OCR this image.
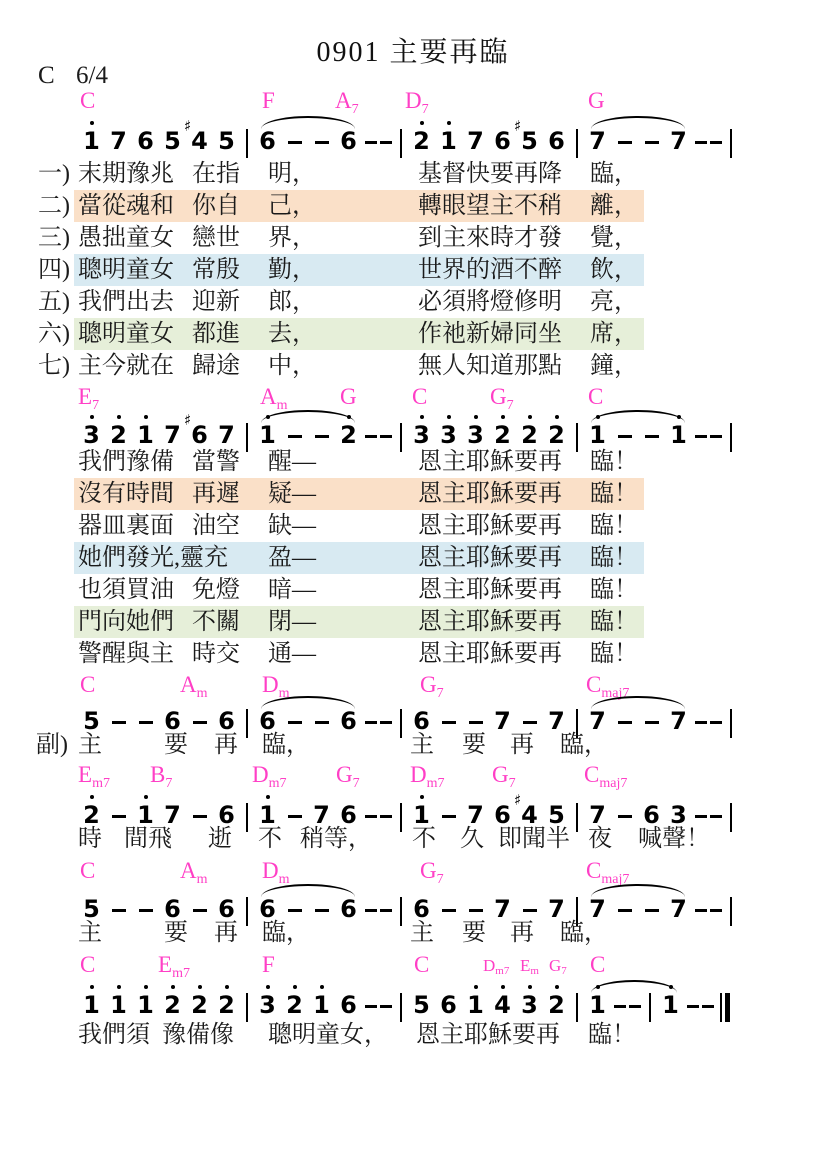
0901 主要再臨
C 6/4
C	F	$A_7$ $D_7$	G
1 7 6 5
♯
4 5 6	6 2 1 7 6
♯
5 6 7	7
一) 末期豫兆 在指 明，	基督快要再降 臨，
二) 當從魂和 你自 己，	轉眼望主不稍 離，
三) 愚拙童女 戀世 界，	到主來時才發 覺，
四) 聰明童女 常殷 勤，	世界的酒不醉 飲，
五) 我們出去 迎新 郎，	必須將燈修明 亮，
六) 聰明童女 都進 去，	作祂新婦同坐 席，
七) 主今就在 歸途 中，	無人知道那點 鐘，
$E_7$	$A_m$ G C	$G_7$	C
3 2 1 7
♯
6 7 1	2 3 3 3 2 2 2 1	1
我們豫備 當警 醒—	恩主耶穌要再 臨！
沒有時間 再遲 疑—	恩主耶穌要再 臨！
器皿裏面 油空 缺—	恩主耶穌要再 臨！
她們發光,靈充 盈—	恩主耶穌要再 臨！
也須買油 免燈 暗—	恩主耶穌要再 臨！
門向她們 不關 閉—	恩主耶穌要再 臨！
警醒與主 時交 通—	恩主耶穌要再 臨！
C	$A_m$ $D_m$	$G_7$	$C_{maj7}$
5	6 6 6	6 6	7 7 7	7
副) 主	要 再 臨，	主 要 再 臨，
$E_{m7}$ $B_7$	$D_{m7}$ $G_7$ $D_{m7}$ $G_7$	$C_{maj7}$
2 1 7 6 1 7 6 1 7 6
♯
4 5 7 6 3
時 間飛 逝 不 稍等， 不 久 即聞半 夜 喊聲！
C	$A_m$ $D_m$	$G_7$	$C_{maj7}$
5	6 6 6	6 6	7 7 7	7
主	要 再 臨，	主 要 再 臨，
C	$E_{m7}$	F	C	$D_{m7}$ $E_m$ $G_7$ C
1 1 1 2 2 2 3 2 1 6 5 6 1 4 3 2 1 1
我們須 豫備像 聰明童女， 恩主耶穌要再 臨！
